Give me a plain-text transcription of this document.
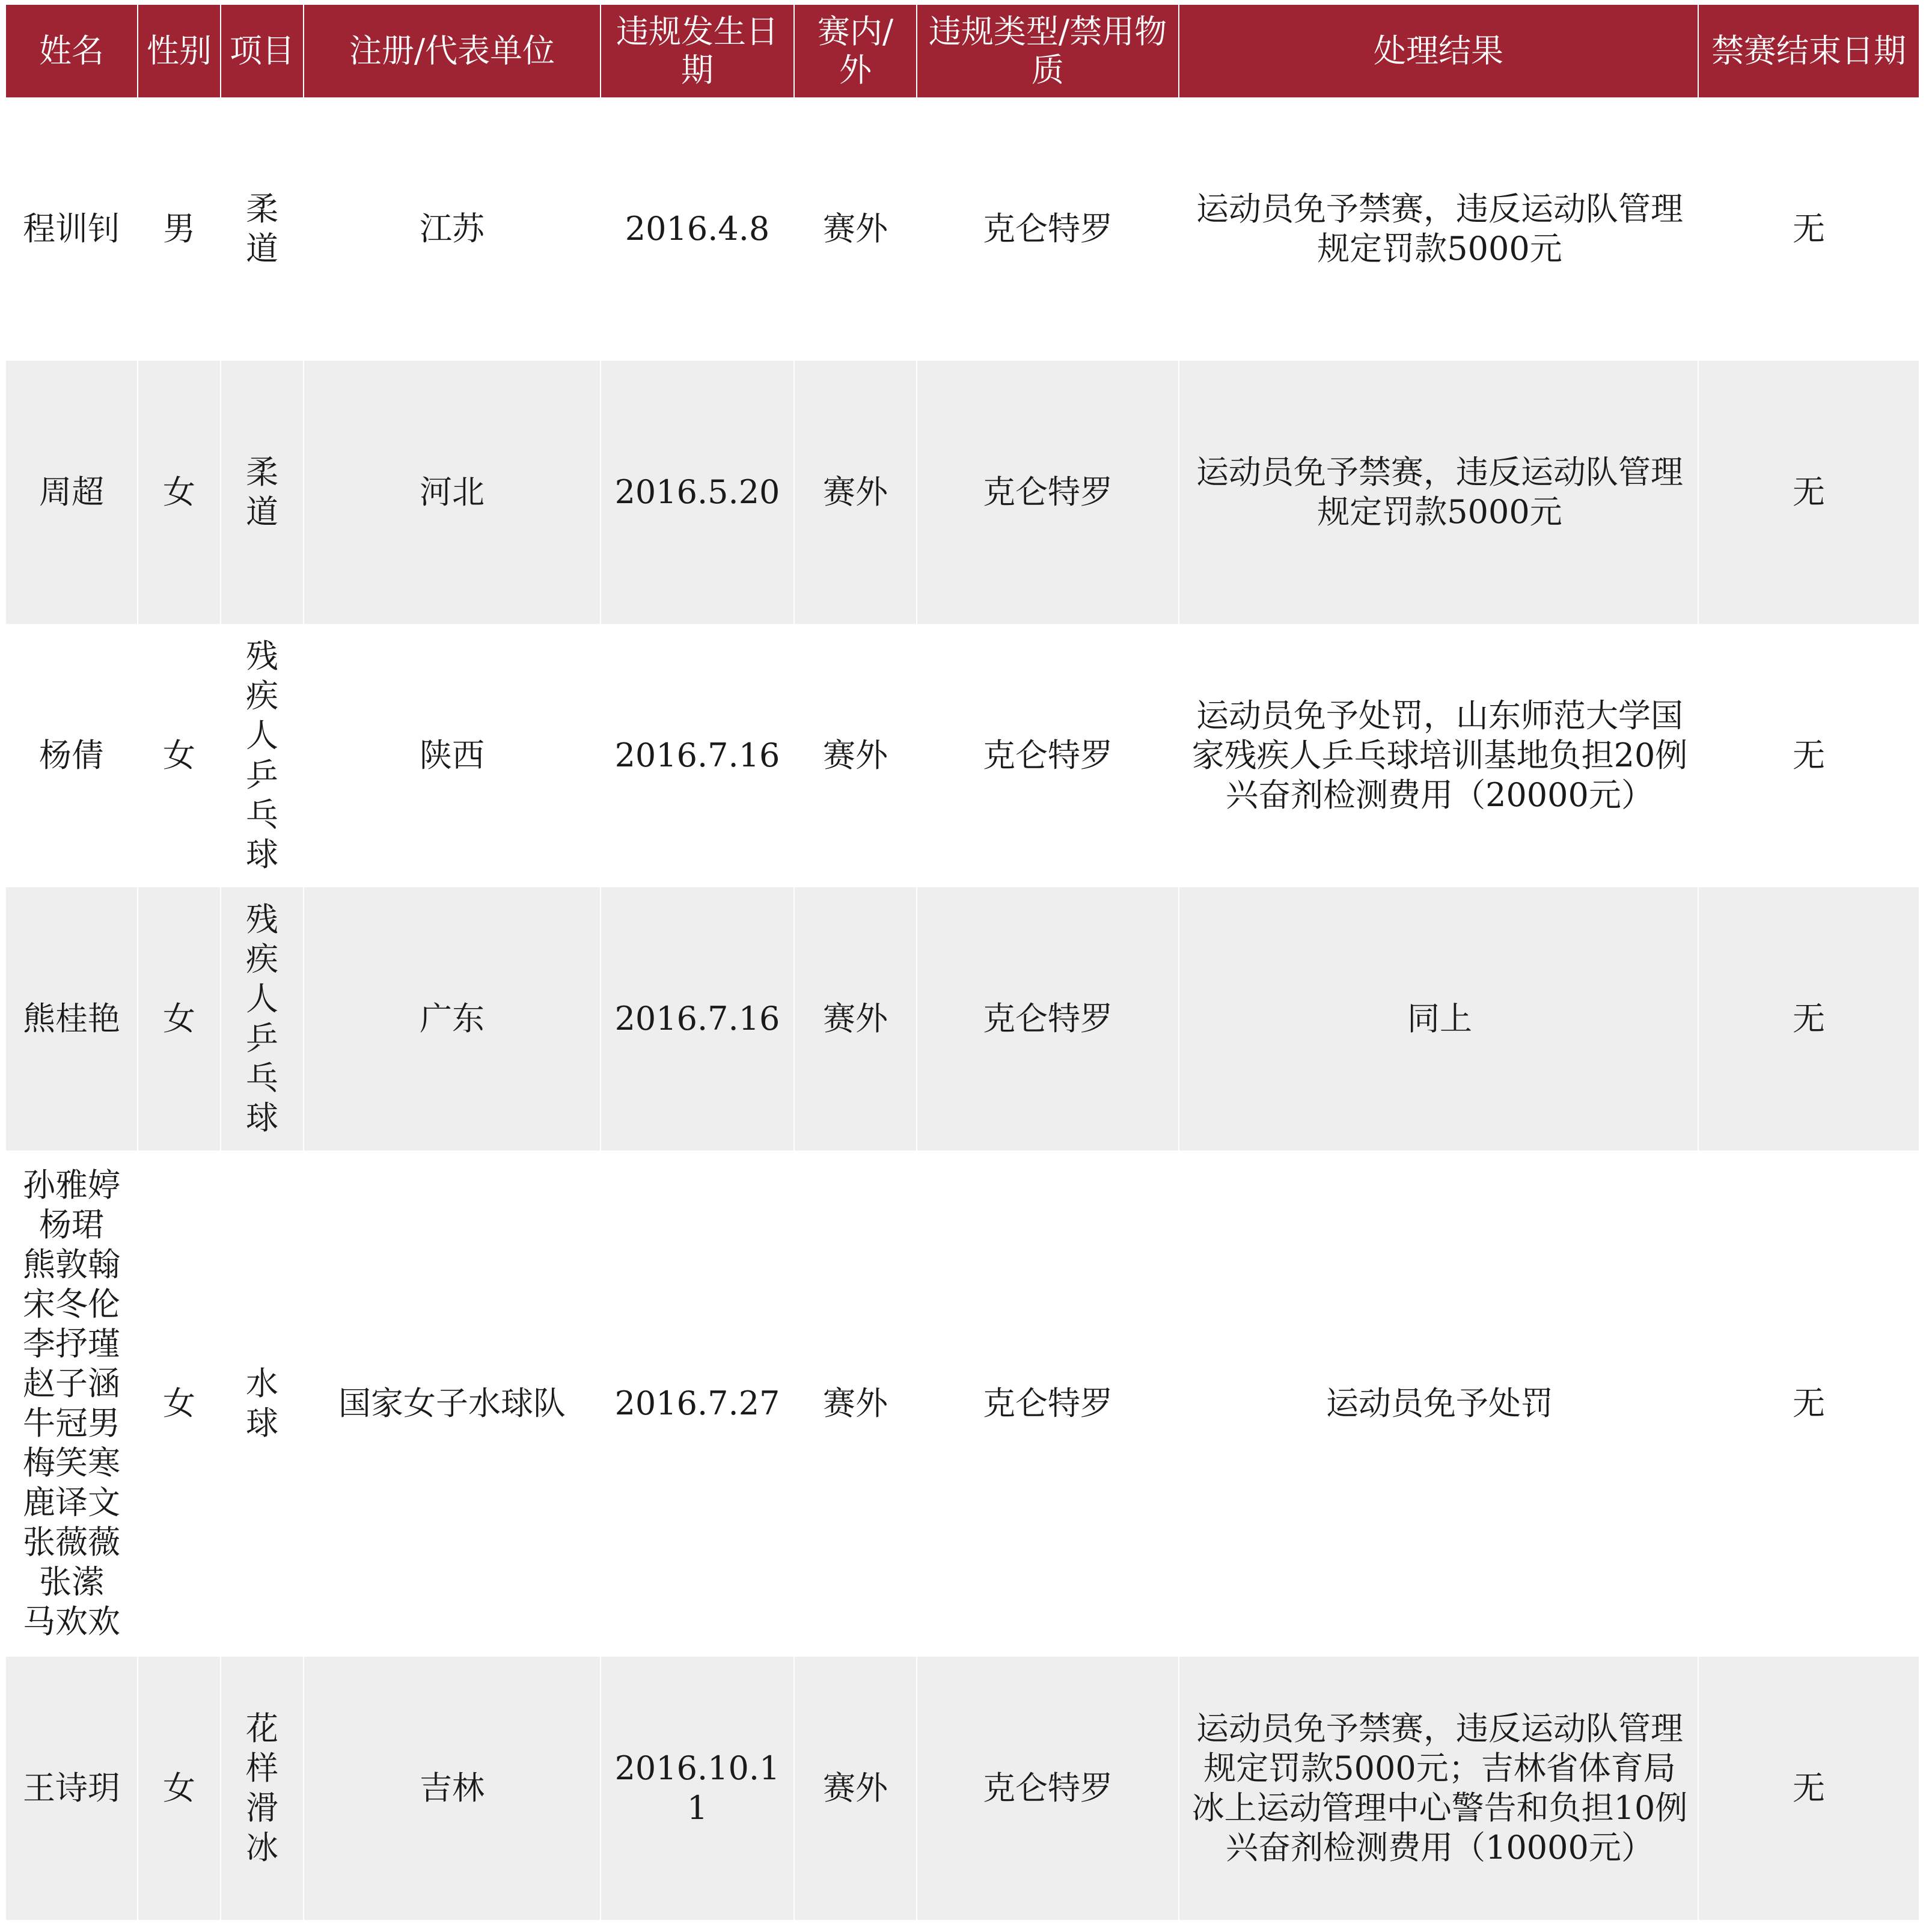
姓名	性别	项目	注册/代表单位	违规发生日期	赛内/外	违规类型/禁用物质	处理结果	禁赛结束日期
程训钊	男	柔道	江苏	2016.4.8	赛外	克仑特罗	运动员免予禁赛，违反运动队管理规定罚款5000元	无
周超	女	柔道	河北	2016.5.20	赛外	克仑特罗	运动员免予禁赛，违反运动队管理规定罚款5000元	无
杨倩	女	残疾人乒乓球	陕西	2016.7.16	赛外	克仑特罗	运动员免予处罚，山东师范大学国家残疾人乒乓球培训基地负担20例兴奋剂检测费用（20000元）	无
熊桂艳	女	残疾人乒乓球	广东	2016.7.16	赛外	克仑特罗	同上	无
孙雅婷 杨珺 熊敦翰 宋冬伦 李抒瑾 赵子涵 牛冠男 梅笑寒 鹿译文 张薇薇 张潆 马欢欢	女	水球	国家女子水球队	2016.7.27	赛外	克仑特罗	运动员免予处罚	无
王诗玥	女	花样滑冰	吉林	2016.10.11	赛外	克仑特罗	运动员免予禁赛，违反运动队管理规定罚款5000元；吉林省体育局冰上运动管理中心警告和负担10例兴奋剂检测费用（10000元）	无
